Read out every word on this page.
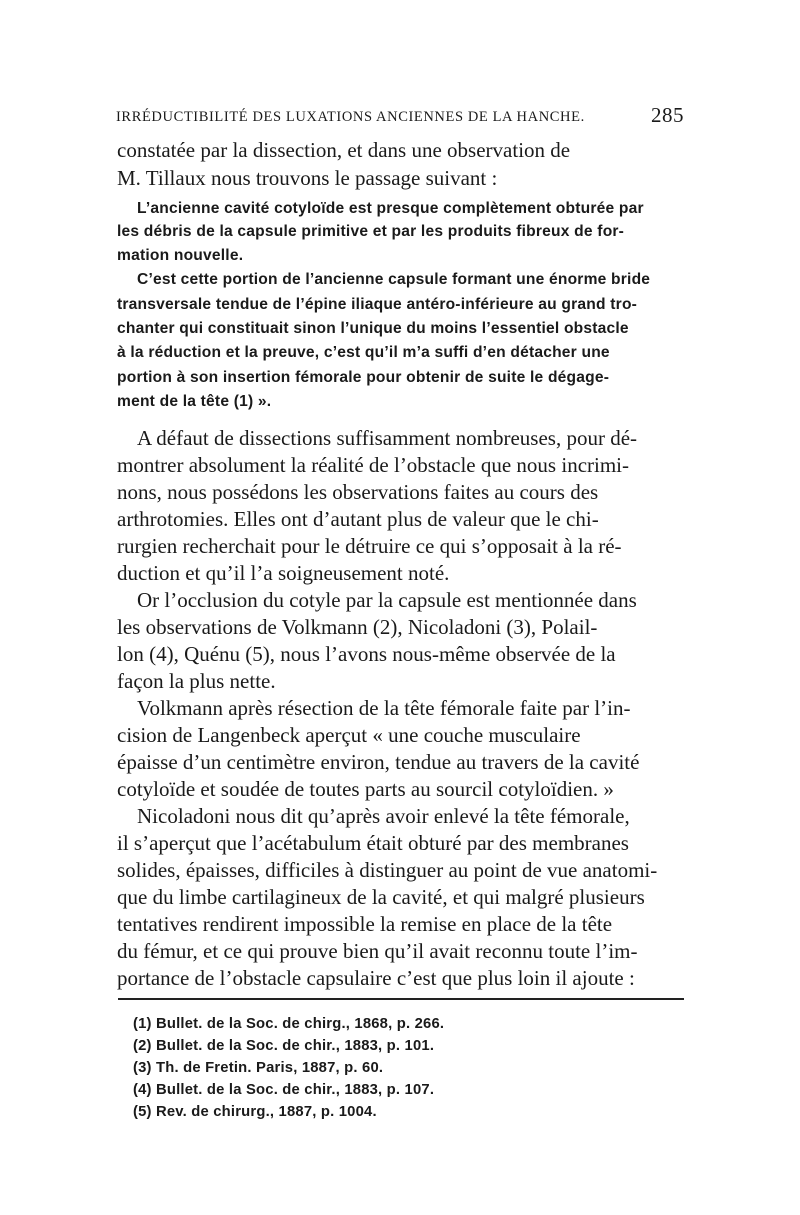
IRRÉDUCTIBILITÉ DES LUXATIONS ANCIENNES DE LA HANCHE.	285

constatée par la dissection, et dans une observation de

M. Tillaux nous trouvons le passage suivant :

L’ancienne cavité cotyloïde est presque complètement obturée par

les débris de la capsule primitive et par les produits fibreux de for-

mation nouvelle.

C’est cette portion de l’ancienne capsule formant une énorme bride

transversale tendue de l’épine iliaque antéro-inférieure au grand tro-

chanter qui constituait sinon l’unique du moins l’essentiel obstacle

à la réduction et la preuve, c’est qu’il m’a suffi d’en détacher une

portion à son insertion fémorale pour obtenir de suite le dégage-

ment de la tête (1) ».

A défaut de dissections suffisamment nombreuses, pour dé-

montrer absolument la réalité de l’obstacle que nous incrimi-

nons, nous possédons les observations faites au cours des

arthrotomies. Elles ont d’autant plus de valeur que le chi-

rurgien recherchait pour le détruire ce qui s’opposait à la ré-

duction et qu’il l’a soigneusement noté.

Or l’occlusion du cotyle par la capsule est mentionnée dans

les observations de Volkmann (2), Nicoladoni (3), Polail-

lon (4), Quénu (5), nous l’avons nous-même observée de la

façon la plus nette.

Volkmann après résection de la tête fémorale faite par l’in-

cision de Langenbeck aperçut « une couche musculaire

épaisse d’un centimètre environ, tendue au travers de la cavité

cotyloïde et soudée de toutes parts au sourcil cotyloïdien. »

Nicoladoni nous dit qu’après avoir enlevé la tête fémorale,

il s’aperçut que l’acétabulum était obturé par des membranes

solides, épaisses, difficiles à distinguer au point de vue anatomi-

que du limbe cartilagineux de la cavité, et qui malgré plusieurs

tentatives rendirent impossible la remise en place de la tête

du fémur, et ce qui prouve bien qu’il avait reconnu toute l’im-

portance de l’obstacle capsulaire c’est que plus loin il ajoute :

(1) Bullet. de la Soc. de chirg., 1868, p. 266.

(2) Bullet. de la Soc. de chir., 1883, p. 101.

(3) Th. de Fretin. Paris, 1887, p. 60.

(4) Bullet. de la Soc. de chir., 1883, p. 107.

(5) Rev. de chirurg., 1887, p. 1004.
